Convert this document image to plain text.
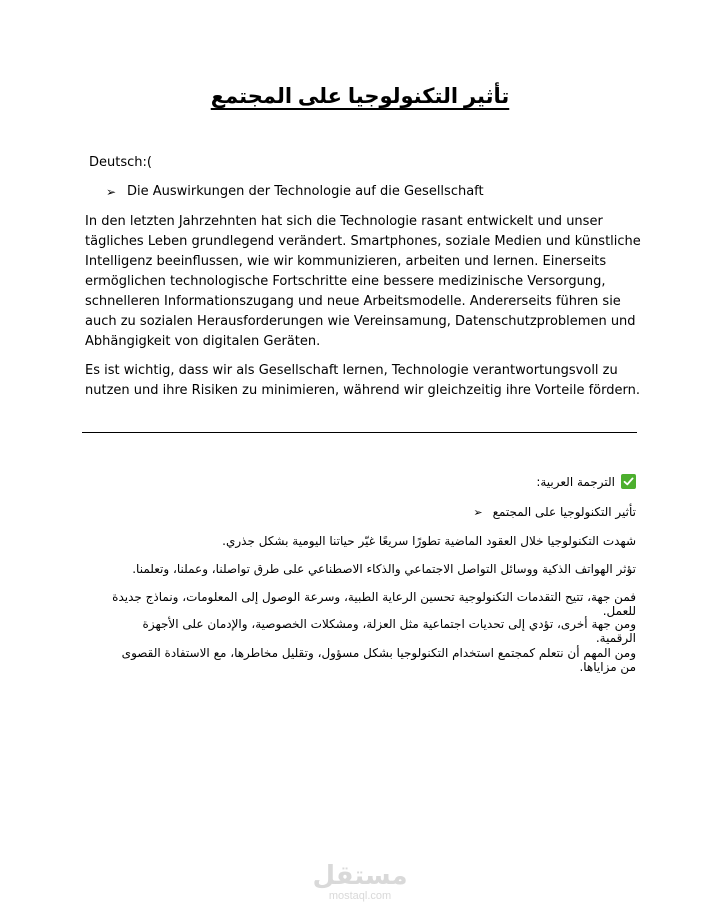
تأثير التكنولوجيا على المجتمع
Deutsch:(
➢ Die Auswirkungen der Technologie auf die Gesellschaft

In den letzten Jahrzehnten hat sich die Technologie rasant entwickelt und unser tägliches Leben grundlegend verändert. Smartphones, soziale Medien und künstliche Intelligenz beeinflussen, wie wir kommunizieren, arbeiten und lernen. Einerseits ermöglichen technologische Fortschritte eine bessere medizinische Versorgung, schnelleren Informationszugang und neue Arbeitsmodelle. Andererseits führen sie auch zu sozialen Herausforderungen wie Vereinsamung, Datenschutzproblemen und Abhängigkeit von digitalen Geräten.

Es ist wichtig, dass wir als Gesellschaft lernen, Technologie verantwortungsvoll zu nutzen und ihre Risiken zu minimieren, während wir gleichzeitig ihre Vorteile fördern.

الترجمة العربية:
تأثير التكنولوجيا على المجتمع
➢
شهدت التكنولوجيا خلال العقود الماضية تطورًا سريعًا غيّر حياتنا اليومية بشكل جذري.
تؤثر الهواتف الذكية ووسائل التواصل الاجتماعي والذكاء الاصطناعي على طرق تواصلنا، وعملنا، وتعلمنا.
فمن جهة، تتيح التقدمات التكنولوجية تحسين الرعاية الطبية، وسرعة الوصول إلى المعلومات، ونماذج جديدة للعمل.
ومن جهة أخرى، تؤدي إلى تحديات اجتماعية مثل العزلة، ومشكلات الخصوصية، والإدمان على الأجهزة الرقمية.
ومن المهم أن نتعلم كمجتمع استخدام التكنولوجيا بشكل مسؤول، وتقليل مخاطرها، مع الاستفادة القصوى من مزاياها.
مستقل
mostaql.com
